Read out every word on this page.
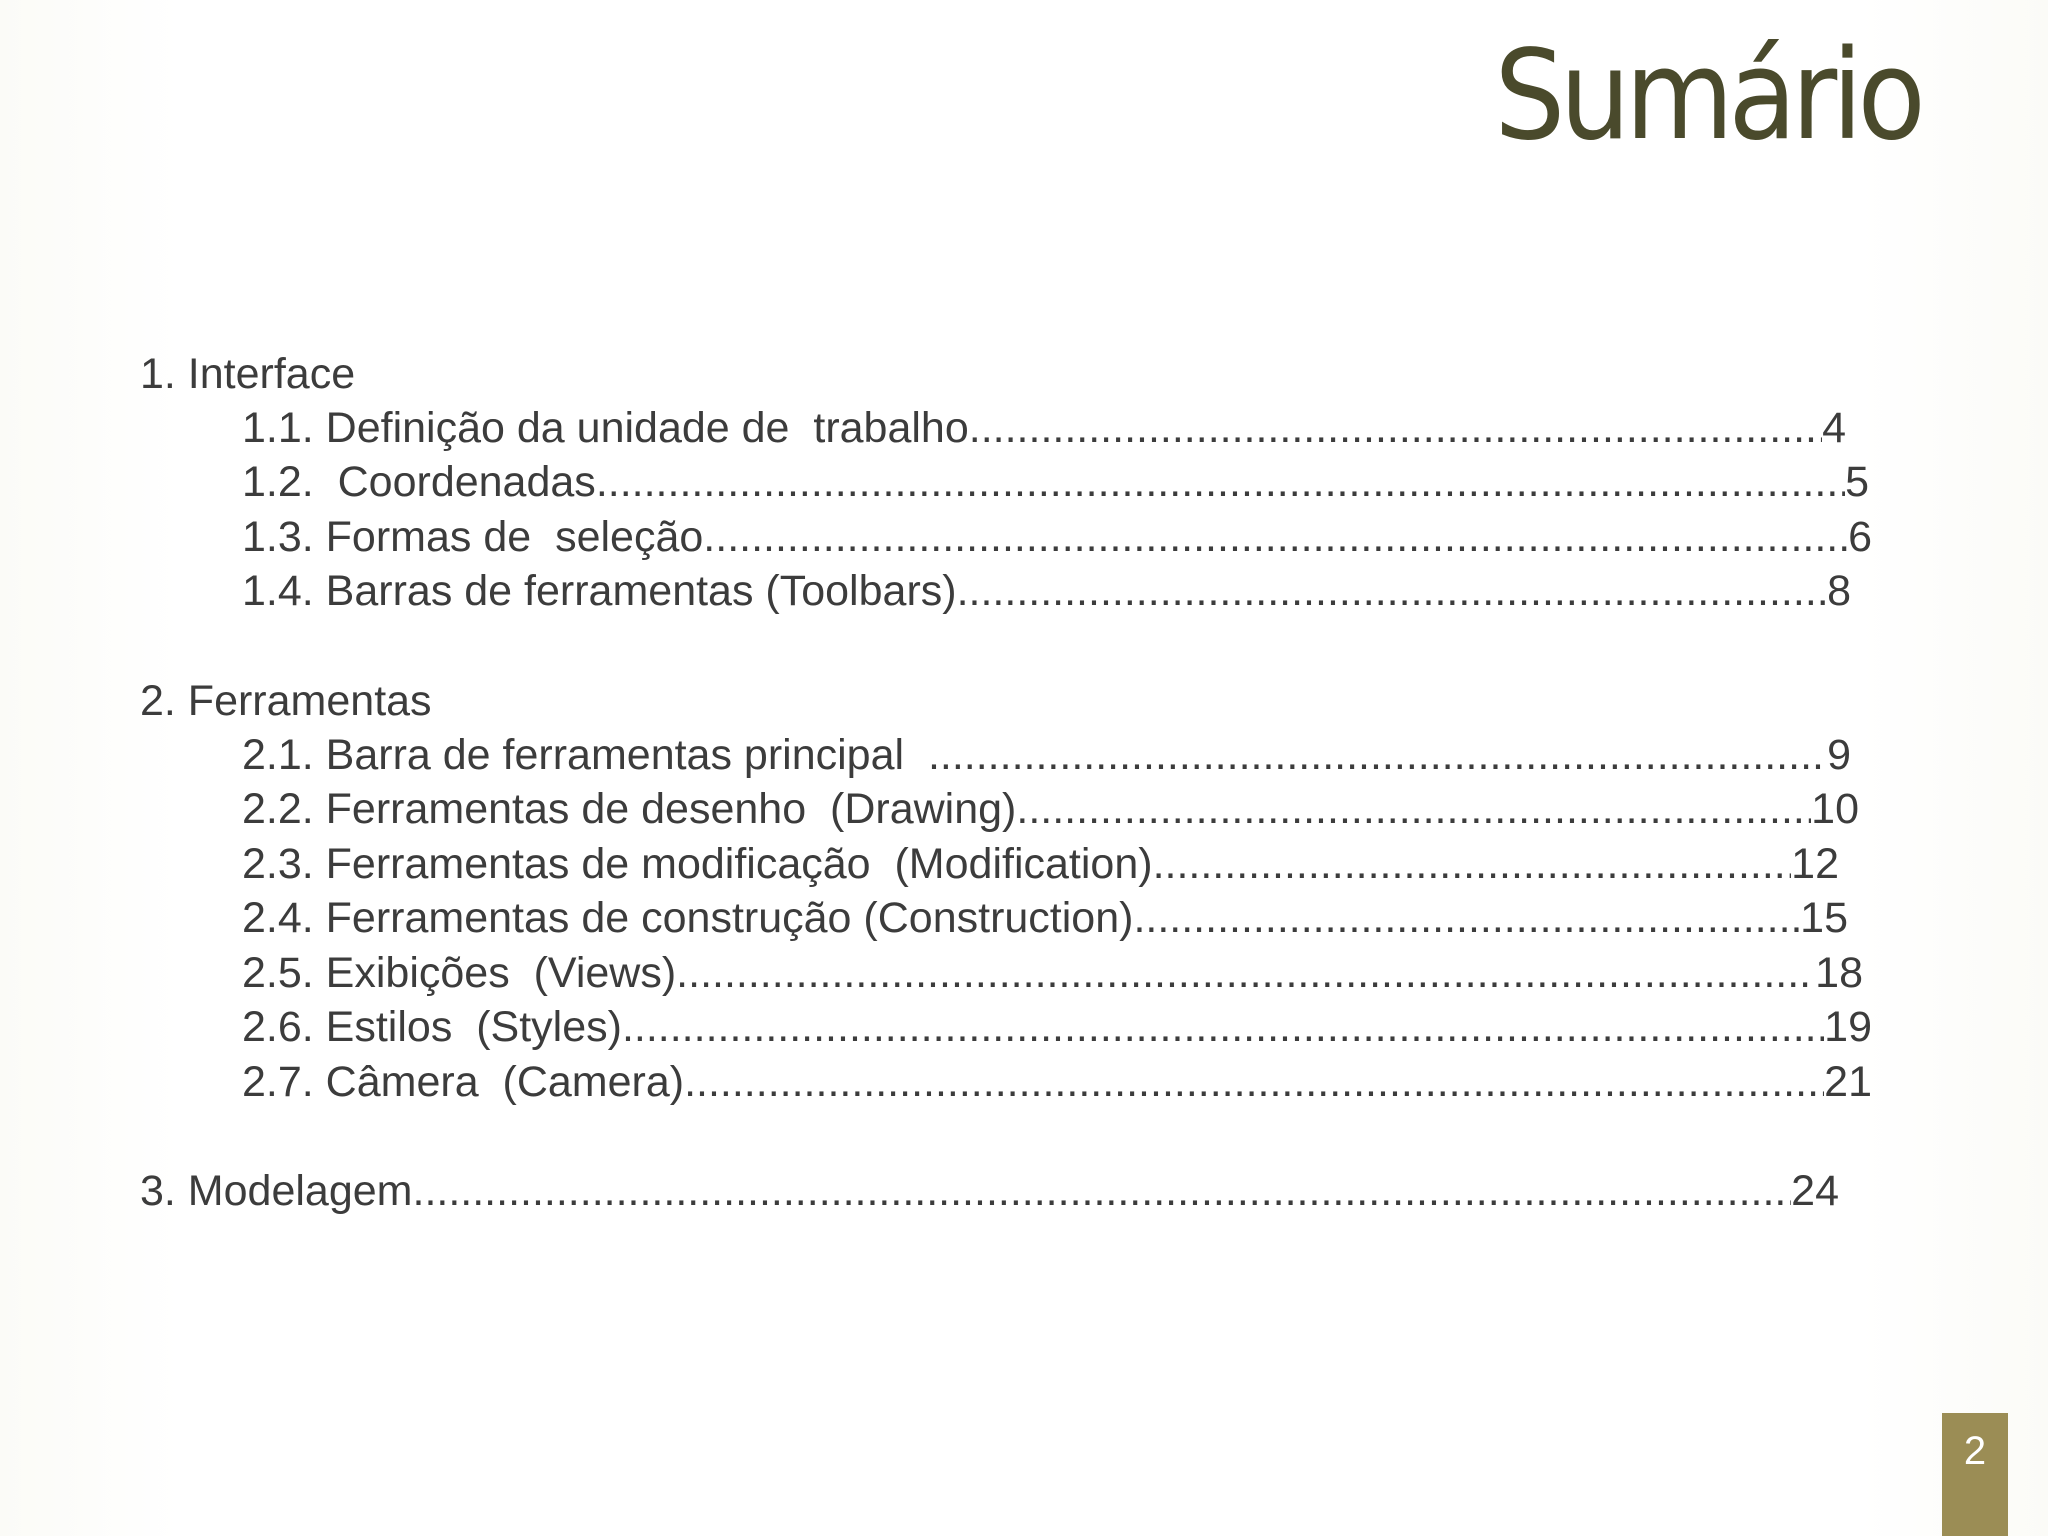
Sumário
1. Interface
1.1. Definição da unidade de  trabalho .....	4
1.2.  Coordenadas .....	5
1.3. Formas de  seleção .....	6
1.4. Barras de ferramentas (Toolbars) .....	8
2. Ferramentas
2.1. Barra de ferramentas principal .....	9
2.2. Ferramentas de desenho  (Drawing) .....	10
2.3. Ferramentas de modificação  (Modification) .....	12
2.4. Ferramentas de construção (Construction) .....	15
2.5. Exibições  (Views) .....	18
2.6. Estilos  (Styles) .....	19
2.7. Câmera  (Camera) .....	21
3. Modelagem .....	24
2
